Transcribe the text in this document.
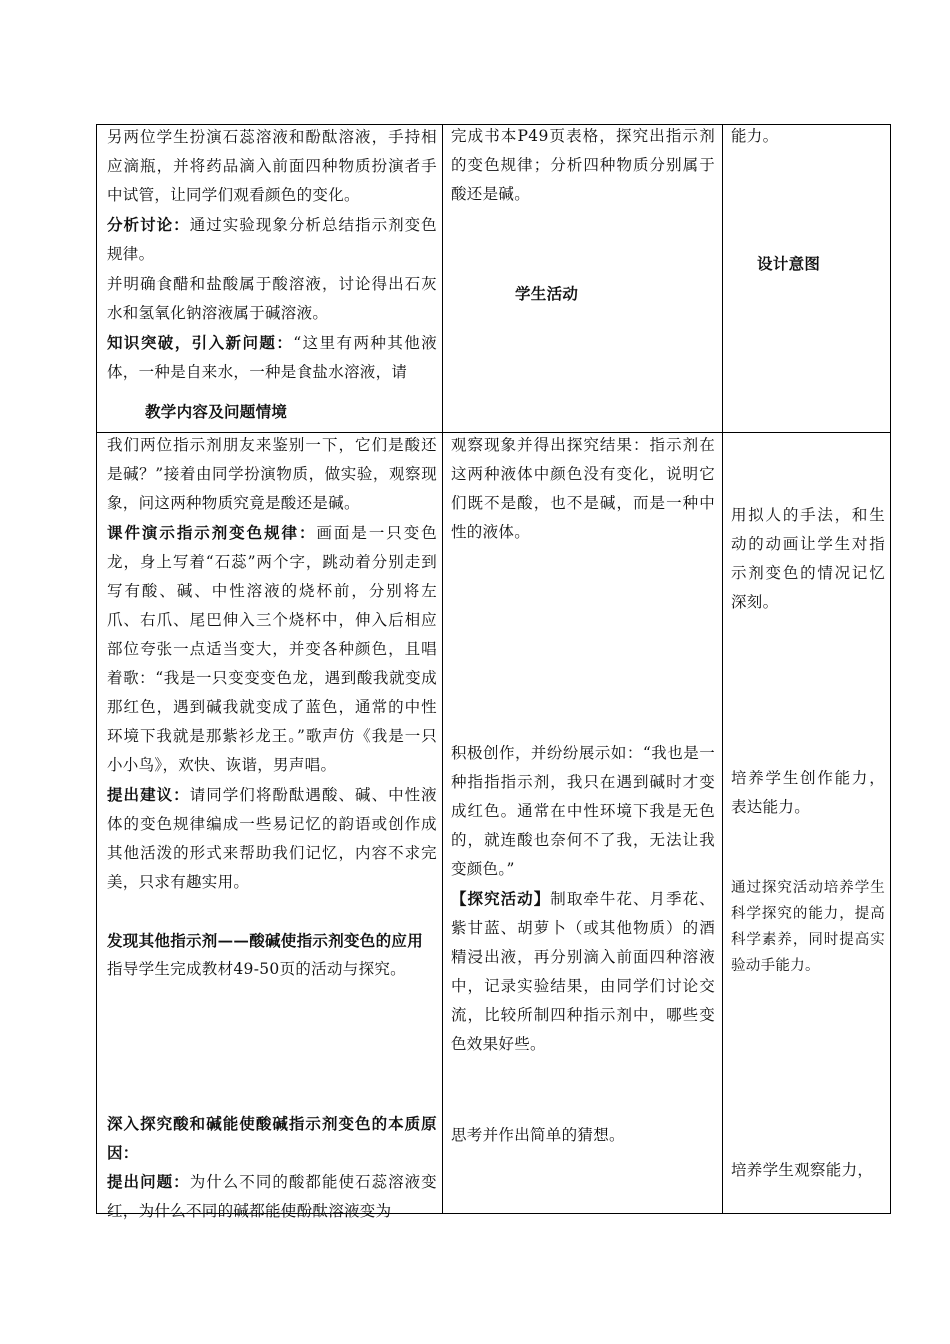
另两位学生扮演石蕊溶液和酚酞溶液，手持相应滴瓶，并将药品滴入前面四种物质扮演者手中试管，让同学们观看颜色的变化。

分析讨论：通过实验现象分析总结指示剂变色规律。

并明确食醋和盐酸属于酸溶液，讨论得出石灰水和氢氧化钠溶液属于碱溶液。

知识突破，引入新问题：“这里有两种其他液体，一种是自来水，一种是食盐水溶液，请

教学内容及问题情境
完成书本P49页表格，探究出指示剂的变色规律；分析四种物质分别属于酸还是碱。
学生活动
能力。
设计意图

我们两位指示剂朋友来鉴别一下，它们是酸还是碱？”接着由同学扮演物质，做实验，观察现象，问这两种物质究竟是酸还是碱。

课件演示指示剂变色规律：画面是一只变色龙，身上写着“石蕊”两个字，跳动着分别走到写有酸、碱、中性溶液的烧杯前，分别将左爪、右爪、尾巴伸入三个烧杯中，伸入后相应部位夸张一点适当变大，并变各种颜色，且唱着歌：“我是一只变变变色龙，遇到酸我就变成那红色，遇到碱我就变成了蓝色，通常的中性环境下我就是那紫衫龙王。”歌声仿《我是一只小小鸟》，欢快、诙谐，男声唱。

提出建议：请同学们将酚酞遇酸、碱、中性液体的变色规律编成一些易记忆的韵语或创作成其他活泼的形式来帮助我们记忆，内容不求完美，只求有趣实用。

发现其他指示剂——酸碱使指示剂变色的应用

指导学生完成教材49-50页的活动与探究。

深入探究酸和碱能使酸碱指示剂变色的本质原因：

提出问题：为什么不同的酸都能使石蕊溶液变红，为什么不同的碱都能使酚酞溶液变为

观察现象并得出探究结果：指示剂在这两种液体中颜色没有变化，说明它们既不是酸，也不是碱，而是一种中性的液体。

积极创作，并纷纷展示如：“我也是一种指指指示剂，我只在遇到碱时才变成红色。通常在中性环境下我是无色的，就连酸也奈何不了我，无法让我变颜色。”

【探究活动】制取牵牛花、月季花、紫甘蓝、胡萝卜（或其他物质）的酒精浸出液，再分别滴入前面四种溶液中，记录实验结果，由同学们讨论交流，比较所制四种指示剂中，哪些变色效果好些。

思考并作出简单的猜想。
用拟人的手法，和生动的动画让学生对指示剂变色的情况记忆深刻。
培养学生创作能力，表达能力。
通过探究活动培养学生科学探究的能力，提高科学素养，同时提高实验动手能力。
培养学生观察能力，
